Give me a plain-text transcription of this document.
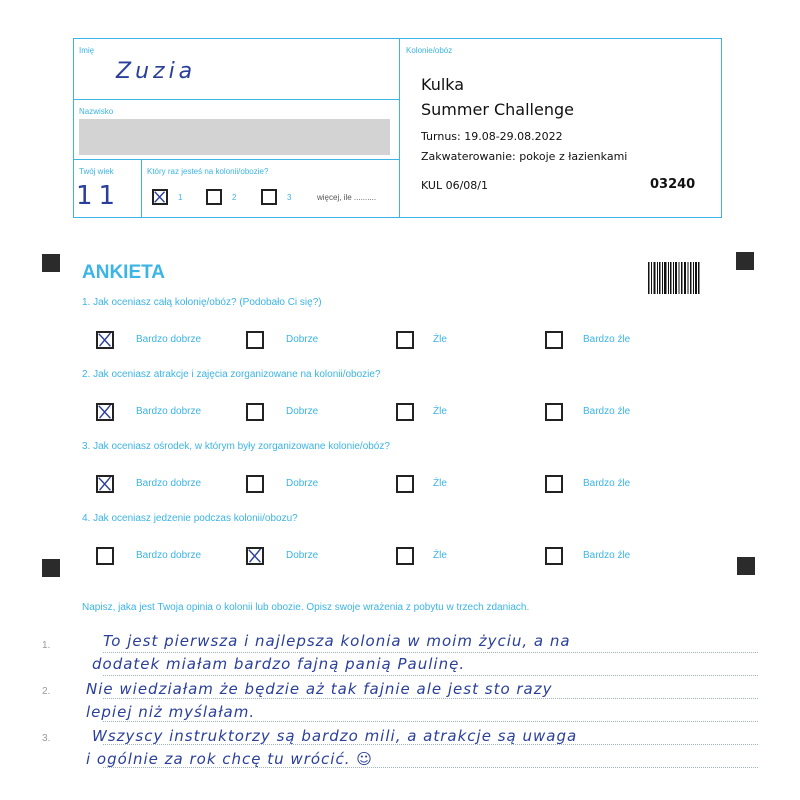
Imię
Zuzia
Nazwisko
Twój wiek
11
Który raz jesteś na kolonii/obozie?
1	2	3	więcej, ile ..........
Kolonie/obóz
Kulka
Summer Challenge
Turnus: 19.08-29.08.2022
Zakwaterowanie: pokoje z łazienkami
KUL 06/08/1	03240
ANKIETA
1. Jak oceniasz całą kolonię/obóz? (Podobało Ci się?)
Bardzo dobrze	Dobrze	Źle	Bardzo źle
2. Jak oceniasz atrakcje i zajęcia zorganizowane na kolonii/obozie?
Bardzo dobrze	Dobrze	Źle	Bardzo źle
3. Jak oceniasz ośrodek, w którym były zorganizowane kolonie/obóz?
Bardzo dobrze	Dobrze	Źle	Bardzo źle
4. Jak oceniasz jedzenie podczas kolonii/obozu?
Bardzo dobrze	Dobrze	Źle	Bardzo źle
Napisz, jaka jest Twoja opinia o kolonii lub obozie. Opisz swoje wrażenia z pobytu w trzech zdaniach.
1.
2.
3.
To jest pierwsza i najlepsza kolonia w moim życiu, a na
dodatek miałam bardzo fajną panią Paulinę.
Nie wiedziałam że będzie aż tak fajnie ale jest sto razy
lepiej niż myślałam.
Wszyscy instruktorzy są bardzo mili, a atrakcje są uwaga
i ogólnie za rok chcę tu wrócić. ☺
